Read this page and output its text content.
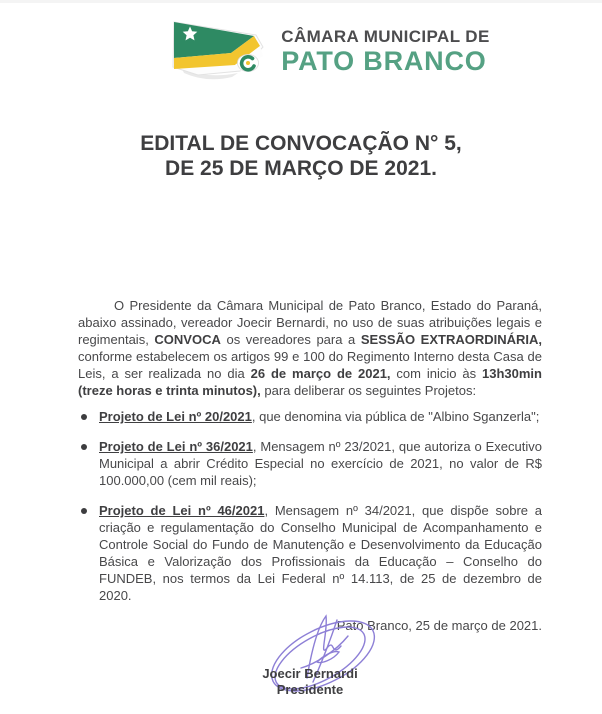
CÂMARA MUNICIPAL DE
PATO BRANCO
EDITAL DE CONVOCAÇÃO N° 5,
DE 25 DE MARÇO DE 2021.

O Presidente da Câmara Municipal de Pato Branco, Estado do Paraná, abaixo assinado, vereador Joecir Bernardi, no uso de suas atribuições legais e regimentais, CONVOCA os vereadores para a SESSÃO EXTRAORDINÁRIA, conforme estabelecem os artigos 99 e 100 do Regimento Interno desta Casa de Leis, a ser realizada no dia 26 de março de 2021, com inicio às 13h30min (treze horas e trinta minutos), para deliberar os seguintes Projetos:

Projeto de Lei nº 20/2021, que denomina via pública de "Albino Sganzerla";
Projeto de Lei nº 36/2021, Mensagem nº 23/2021, que autoriza o Executivo Municipal a abrir Crédito Especial no exercício de 2021, no valor de R$ 100.000,00 (cem mil reais);
Projeto de Lei nº 46/2021, Mensagem nº 34/2021, que dispõe sobre a criação e regulamentação do Conselho Municipal de Acompanhamento e Controle Social do Fundo de Manutenção e Desenvolvimento da Educação Básica e Valorização dos Profissionais da Educação – Conselho do FUNDEB, nos termos da Lei Federal nº 14.113, de 25 de dezembro de 2020.

Pato Branco, 25 de março de 2021.

Joecir Bernardi
Presidente
